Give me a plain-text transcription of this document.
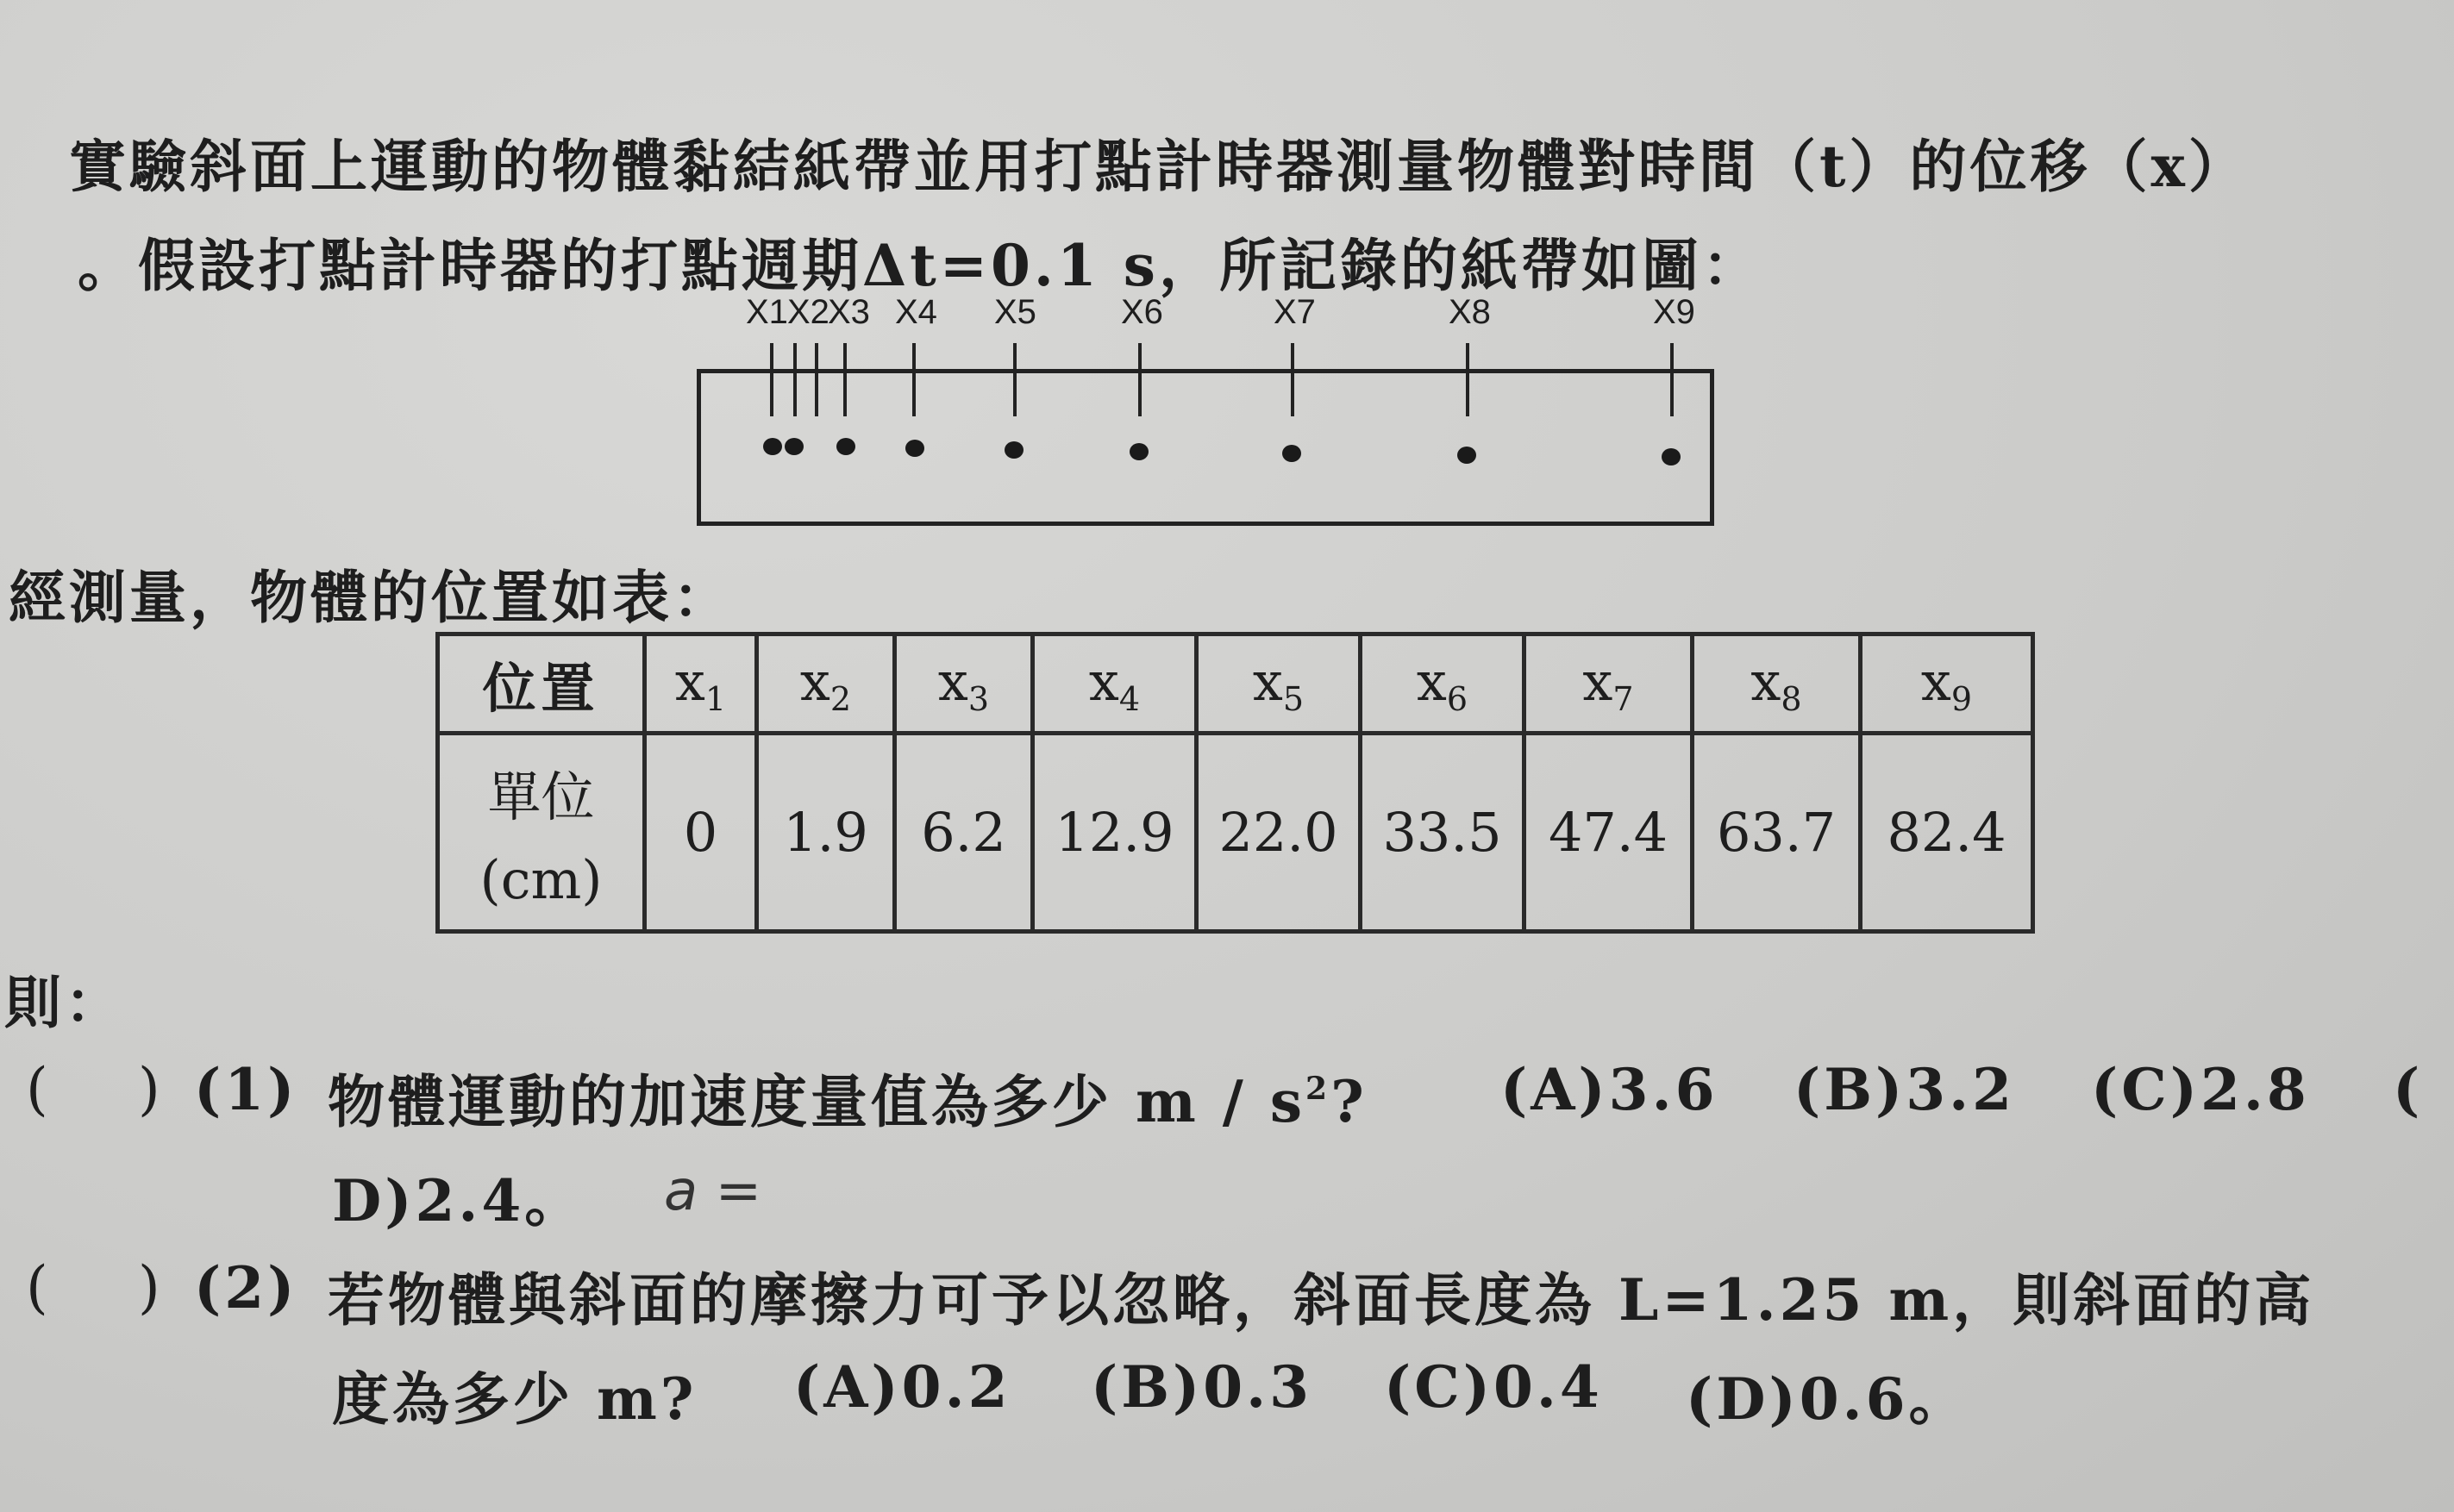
實驗斜面上運動的物體黏結紙帶並用打點計時器測量物體對時間（t）的位移（x）
。假設打點計時器的打點週期Δt=0.1 s，所記錄的紙帶如圖：
X1 X2
X3 X4 X5 X6	X7	X8	X9
經測量，物體的位置如表：
位置	$x_1$	$x_2$	$x_3$	$x_4$	$x_5$	$x_6$	$x_7$	$x_8$	$x_9$

單位
(cm)	0	1.9	6.2	12.9	22.0	33.5	47.4	63.7	82.4
則：
( ) (1) 物體運動的加速度量值為多少 m / $s^2$? (A)3.6 (B)3.2 (C)2.8 (
D)2.4。 a =
( ) (2) 若物體與斜面的摩擦力可予以忽略，斜面長度為 L=1.25 m，則斜面的高
度為多少 m? (A)0.2 (B)0.3 (C)0.4 (D)0.6。
